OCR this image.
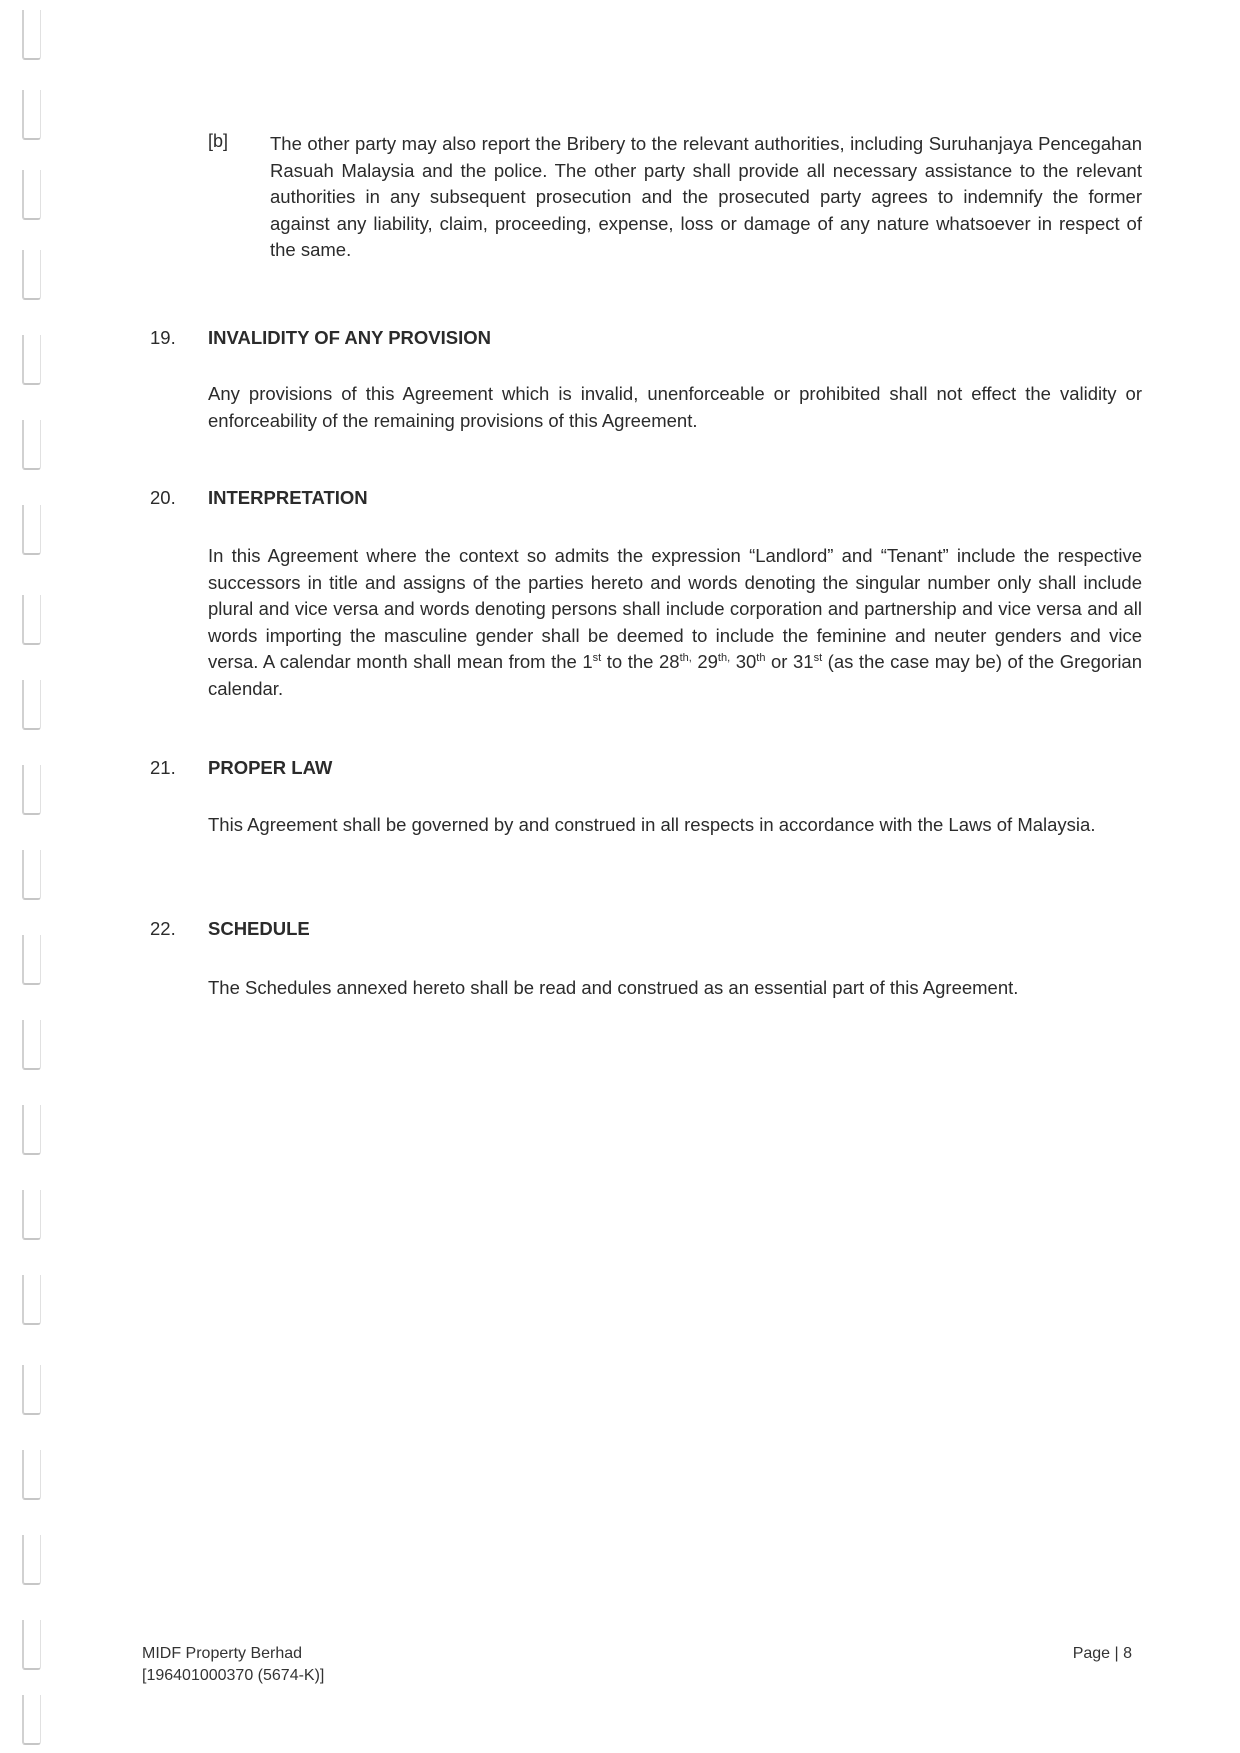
[b] The other party may also report the Bribery to the relevant authorities, including Suruhanjaya Pencegahan Rasuah Malaysia and the police. The other party shall provide all necessary assistance to the relevant authorities in any subsequent prosecution and the prosecuted party agrees to indemnify the former against any liability, claim, proceeding, expense, loss or damage of any nature whatsoever in respect of the same.

19. INVALIDITY OF ANY PROVISION

Any provisions of this Agreement which is invalid, unenforceable or prohibited shall not effect the validity or enforceability of the remaining provisions of this Agreement.

20. INTERPRETATION

In this Agreement where the context so admits the expression “Landlord” and “Tenant” include the respective successors in title and assigns of the parties hereto and words denoting the singular number only shall include plural and vice versa and words denoting persons shall include corporation and partnership and vice versa and all words importing the masculine gender shall be deemed to include the feminine and neuter genders and vice versa. A calendar month shall mean from the 1st to the $28^{th,}$ $29^{th,}$ 30th or 31st (as the case may be) of the Gregorian calendar.

21. PROPER LAW

This Agreement shall be governed by and construed in all respects in accordance with the Laws of Malaysia.

22. SCHEDULE

The Schedules annexed hereto shall be read and construed as an essential part of this Agreement.

MIDF Property Berhad
[196401000370 (5674-K)]
Page | 8
